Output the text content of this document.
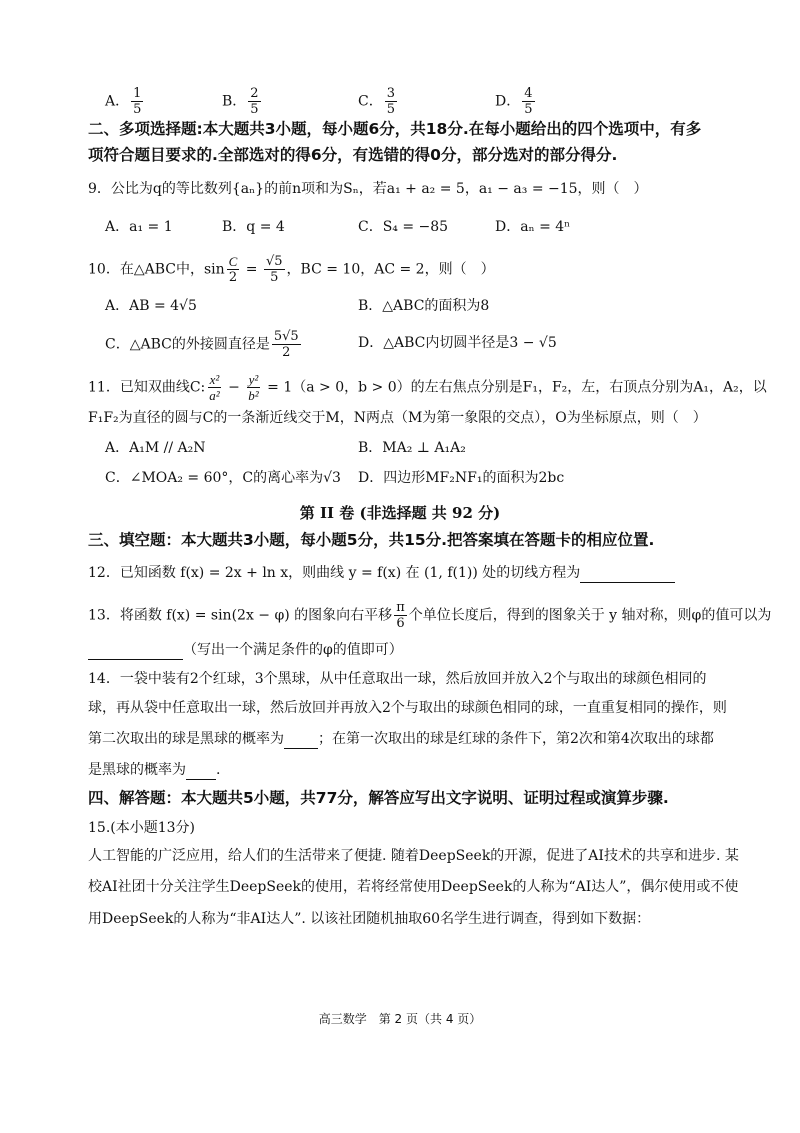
A． $\frac{1}{5}$	B． $\frac{2}{5}$	C． $\frac{3}{5}$	D． $\frac{4}{5}$
二、多项选择题:本大题共3小题，每小题6分，共18分.在每小题给出的四个选项中，有多
项符合题目要求的.全部选对的得6分，有选错的得0分，部分选对的部分得分.
9．公比为q的等比数列{aₙ}的前n项和为Sₙ，若a₁ + a₂ = 5，a₁ − a₃ = −15，则（　）
A．a₁ = 1	B．q = 4	C．S₄ = −85	D．aₙ = 4ⁿ
10．在△ABC中，$\sin \frac{C}{2} = \frac{√5}{5}$ ，BC = 10，AC = 2，则（　）
A．AB = 4√5	B．△ABC的面积为8
C．△ABC的外接圆直径是 $\frac{5√5}{2}$	D．△ABC内切圆半径是3 − √5
11．已知双曲线C: $\frac{\text{x²}}{\text{a²}} - \frac{\text{y²}}{\text{b²}} = 1(a > 0$，b > 0）的左右焦点分别是F₁，F₂，左，右顶点分别为A₁，A₂，以
F₁F₂为直径的圆与C的一条渐近线交于M，N两点（M为第一象限的交点），O为坐标原点，则（　）
A．A₁M // A₂N	B．MA₂ ⊥ A₁A₂
C．∠MOA₂ = 60°，C的离心率为√3 D．四边形MF₂NF₁的面积为2bc
第 II 卷 (非选择题 共 92 分)
三、填空题：本大题共3小题，每小题5分，共15分.把答案填在答题卡的相应位置.
12．已知函数 f(x) = 2x + ln x，则曲线 y = f(x) 在 (1, f(1)) 处的切线方程为
13．将函数 f(x) = sin(2x − φ) 的图象向右平移 $\frac{\pi}{6}$ 个单位长度后，得到的图象关于 y 轴对称，则φ的值可以为
（写出一个满足条件的φ的值即可）
14．一袋中装有2个红球，3个黑球，从中任意取出一球，然后放回并放入2个与取出的球颜色相同的
球，再从袋中任意取出一球，然后放回并再放入2个与取出的球颜色相同的球，一直重复相同的操作，则
第二次取出的球是黑球的概率为 ；在第一次取出的球是红球的条件下，第2次和第4次取出的球都
是黑球的概率为 .
四、解答题：本大题共5小题，共77分，解答应写出文字说明、证明过程或演算步骤.
15.(本小题13分)
人工智能的广泛应用，给人们的生活带来了便捷. 随着DeepSeek的开源，促进了AI技术的共享和进步. 某
校AI社团十分关注学生DeepSeek的使用，若将经常使用DeepSeek的人称为“AI达人”，偶尔使用或不使
用DeepSeek的人称为“非AI达人”. 以该社团随机抽取60名学生进行调查，得到如下数据：
高三数学　第 2 页（共 4 页）
